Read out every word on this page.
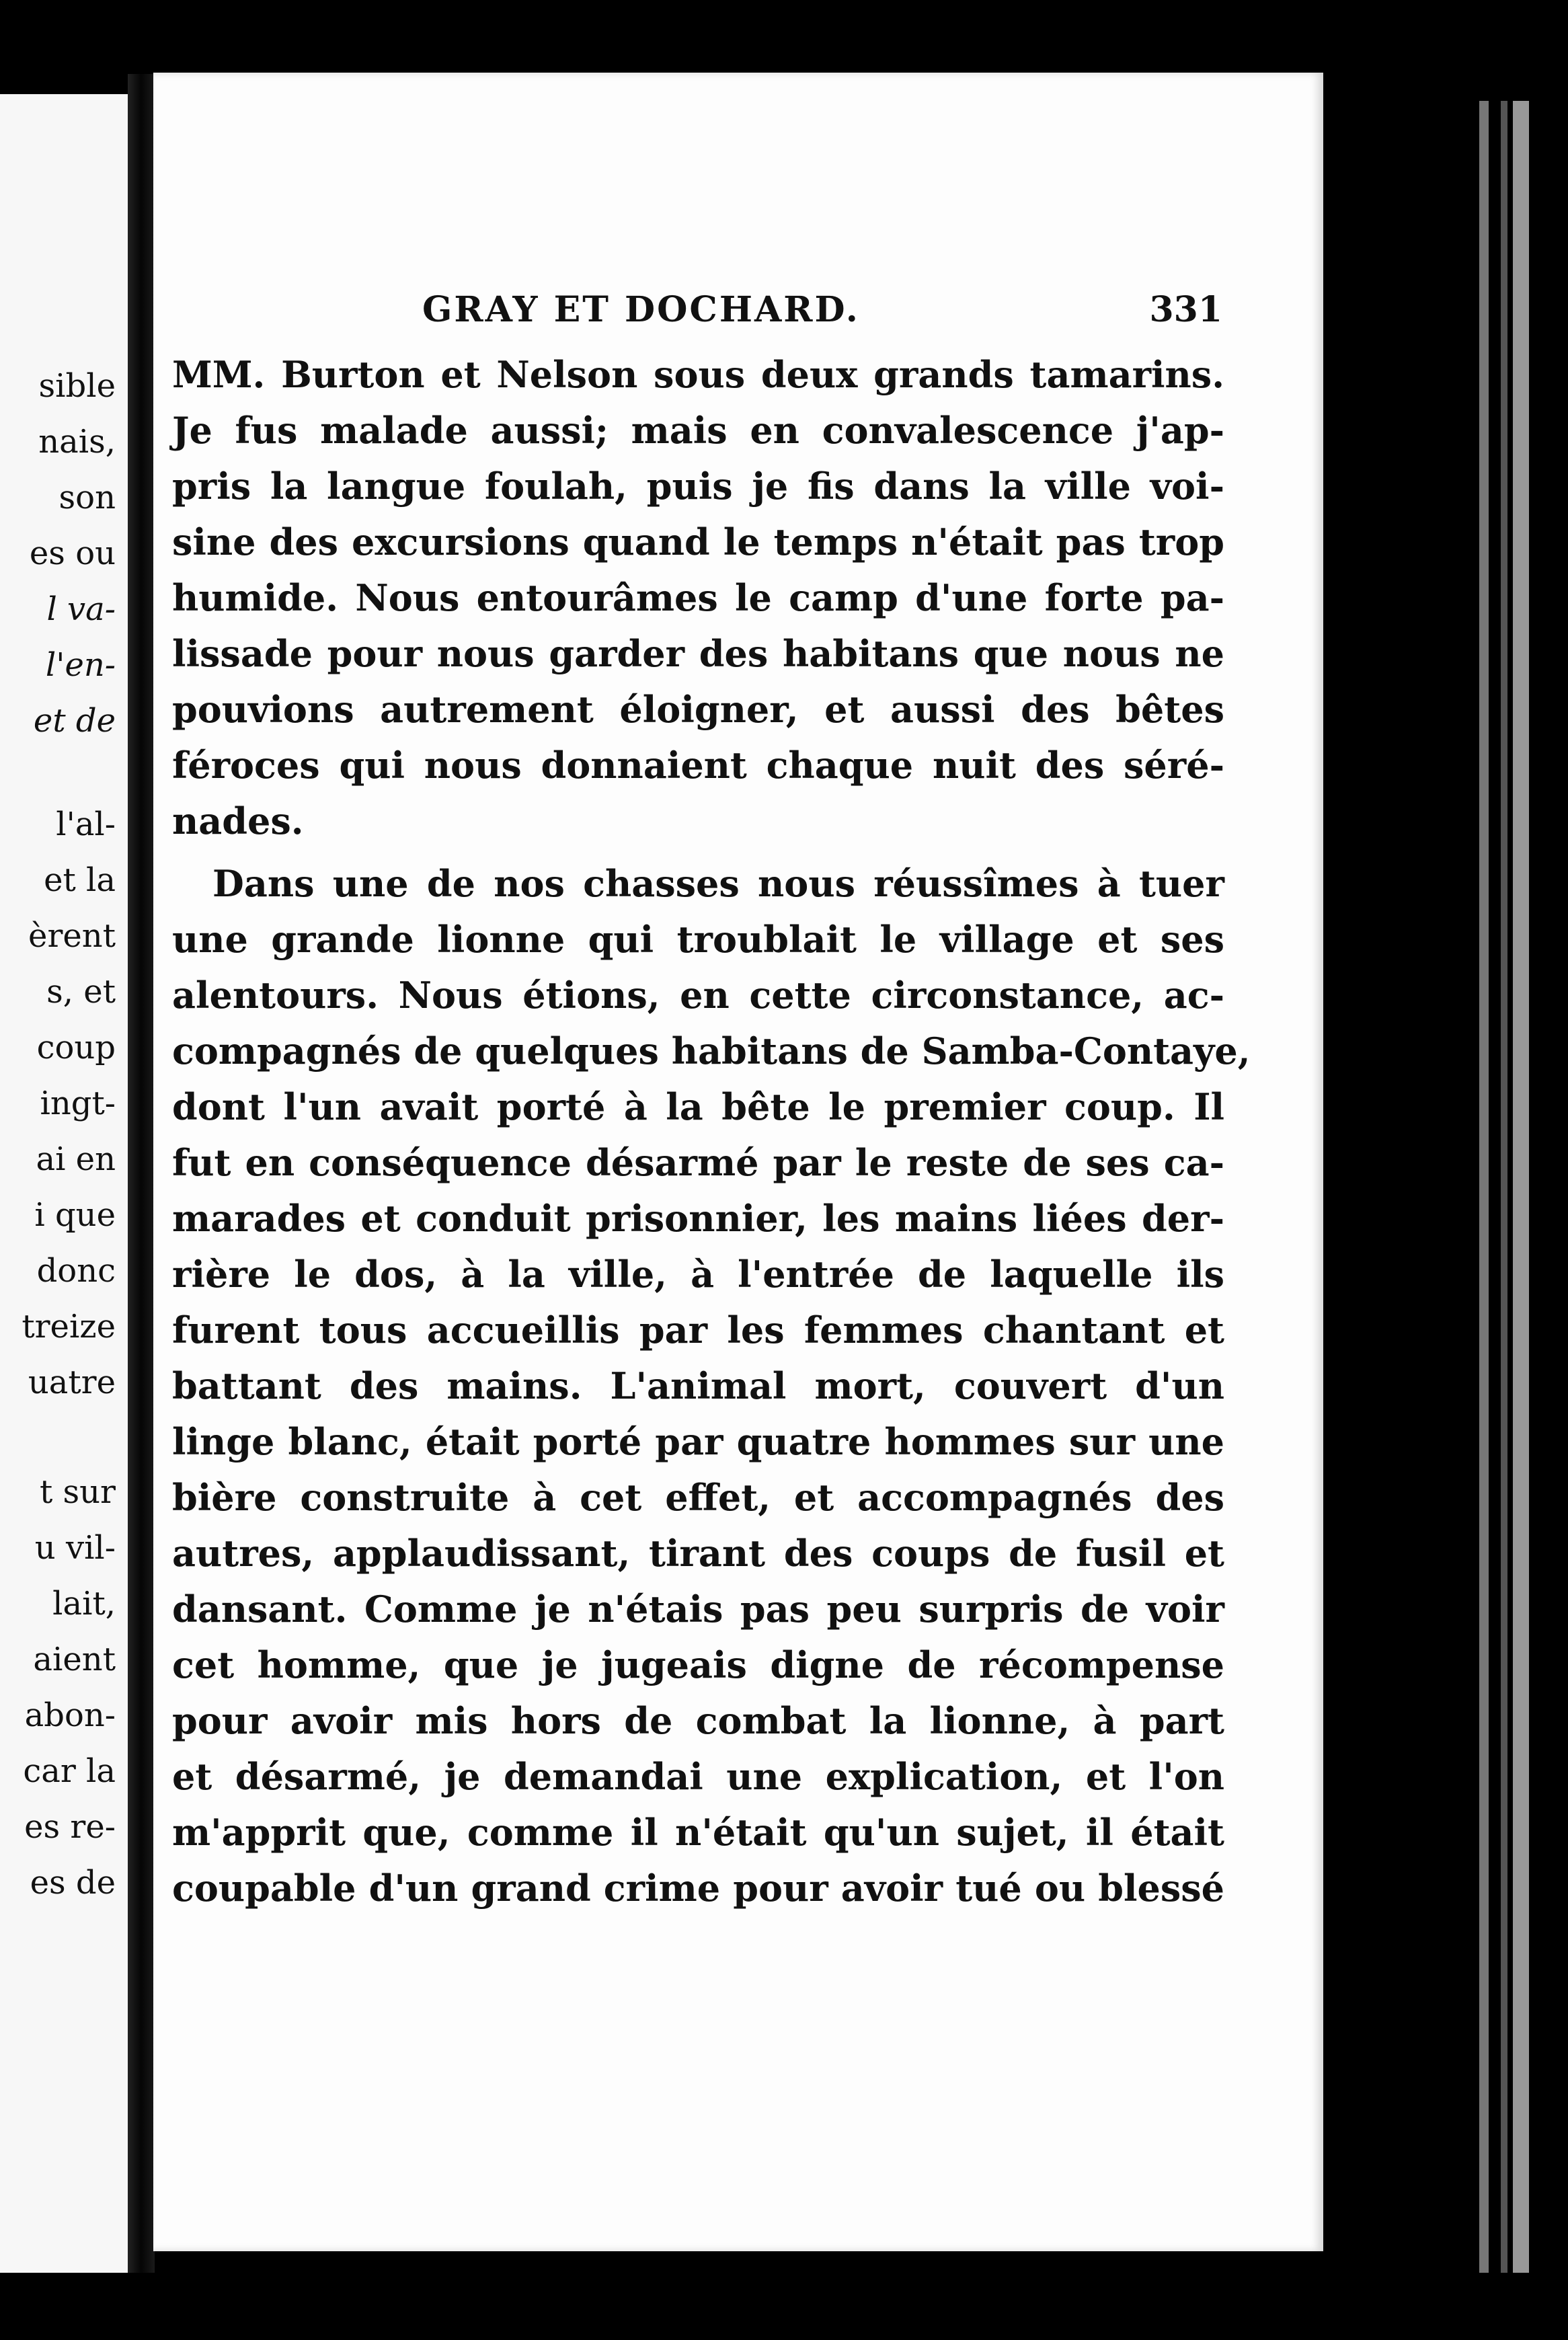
sible
nais,
son
es ou
l va-
l'en-
et de
l'al-
et la
èrent
s, et
coup
ingt-
ai en
i que
donc
treize
uatre
t sur
u vil-
lait,
aient
abon-
car la
es re-
es de
GRAY ET DOCHARD.	331
MM. Burton et Nelson sous deux grands tamarins.
Je fus malade aussi; mais en convalescence j'ap-
pris la langue foulah, puis je fis dans la ville voi-
sine des excursions quand le temps n'était pas trop
humide. Nous entourâmes le camp d'une forte pa-
lissade pour nous garder des habitans que nous ne
pouvions autrement éloigner, et aussi des bêtes
féroces qui nous donnaient chaque nuit des séré-
nades.
Dans une de nos chasses nous réussîmes à tuer
une grande lionne qui troublait le village et ses
alentours. Nous étions, en cette circonstance, ac-
compagnés de quelques habitans de Samba-Contaye,
dont l'un avait porté à la bête le premier coup. Il
fut en conséquence désarmé par le reste de ses ca-
marades et conduit prisonnier, les mains liées der-
rière le dos, à la ville, à l'entrée de laquelle ils
furent tous accueillis par les femmes chantant et
battant des mains. L'animal mort, couvert d'un
linge blanc, était porté par quatre hommes sur une
bière construite à cet effet, et accompagnés des
autres, applaudissant, tirant des coups de fusil et
dansant. Comme je n'étais pas peu surpris de voir
cet homme, que je jugeais digne de récompense
pour avoir mis hors de combat la lionne, à part
et désarmé, je demandai une explication, et l'on
m'apprit que, comme il n'était qu'un sujet, il était
coupable d'un grand crime pour avoir tué ou blessé
